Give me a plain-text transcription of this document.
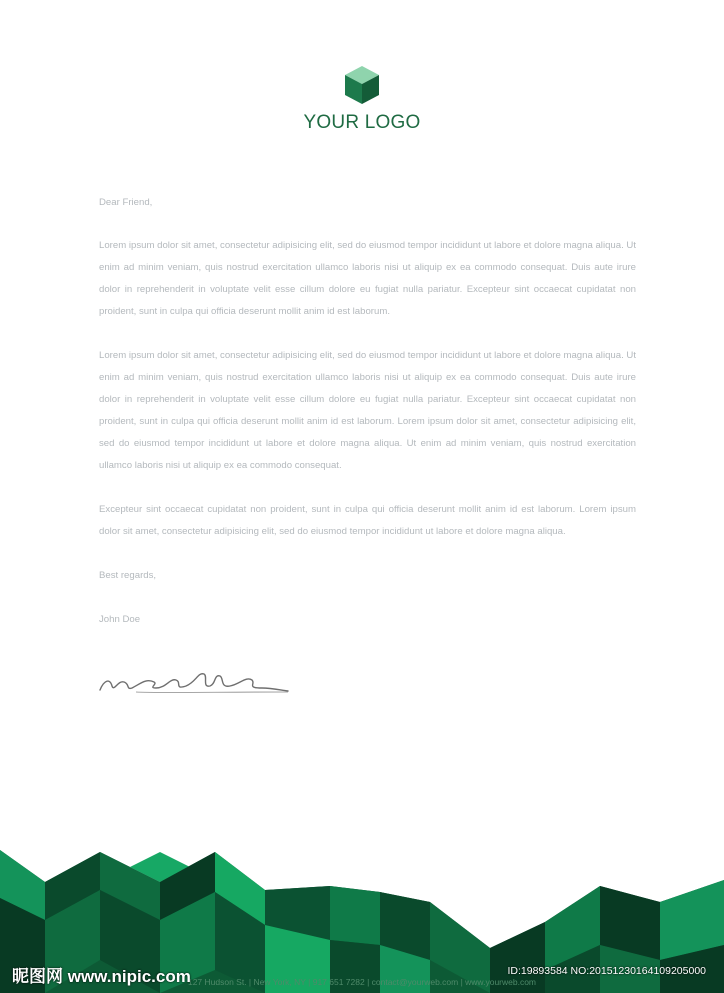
YOUR LOGO

Dear Friend,

Lorem ipsum dolor sit amet, consectetur adipisicing elit, sed do eiusmod tempor incididunt ut labore et dolore magna aliqua. Ut enim ad minim veniam, quis nostrud exercitation ullamco laboris nisi ut aliquip ex ea commodo consequat. Duis aute irure dolor in reprehenderit in voluptate velit esse cillum dolore eu fugiat nulla pariatur. Excepteur sint occaecat cupidatat non proident, sunt in culpa qui officia deserunt mollit anim id est laborum.

Lorem ipsum dolor sit amet, consectetur adipisicing elit, sed do eiusmod tempor incididunt ut labore et dolore magna aliqua. Ut enim ad minim veniam, quis nostrud exercitation ullamco laboris nisi ut aliquip ex ea commodo consequat. Duis aute irure dolor in reprehenderit in voluptate velit esse cillum dolore eu fugiat nulla pariatur. Excepteur sint occaecat cupidatat non proident, sunt in culpa qui officia deserunt mollit anim id est laborum. Lorem ipsum dolor sit amet, consectetur adipisicing elit, sed do eiusmod tempor incididunt ut labore et dolore magna aliqua. Ut enim ad minim veniam, quis nostrud exercitation ullamco laboris nisi ut aliquip ex ea commodo consequat.

Excepteur sint occaecat cupidatat non proident, sunt in culpa qui officia deserunt mollit anim id est laborum. Lorem ipsum dolor sit amet, consectetur adipisicing elit, sed do eiusmod tempor incididunt ut labore et dolore magna aliqua.

Best regards,

John Doe

127 Hudson St. | New York, NY | 917 651 7282 | contact@yourweb.com | www.yourweb.com
昵图网 www.nipic.com	ID:19893584 NO:20151230164109205000
